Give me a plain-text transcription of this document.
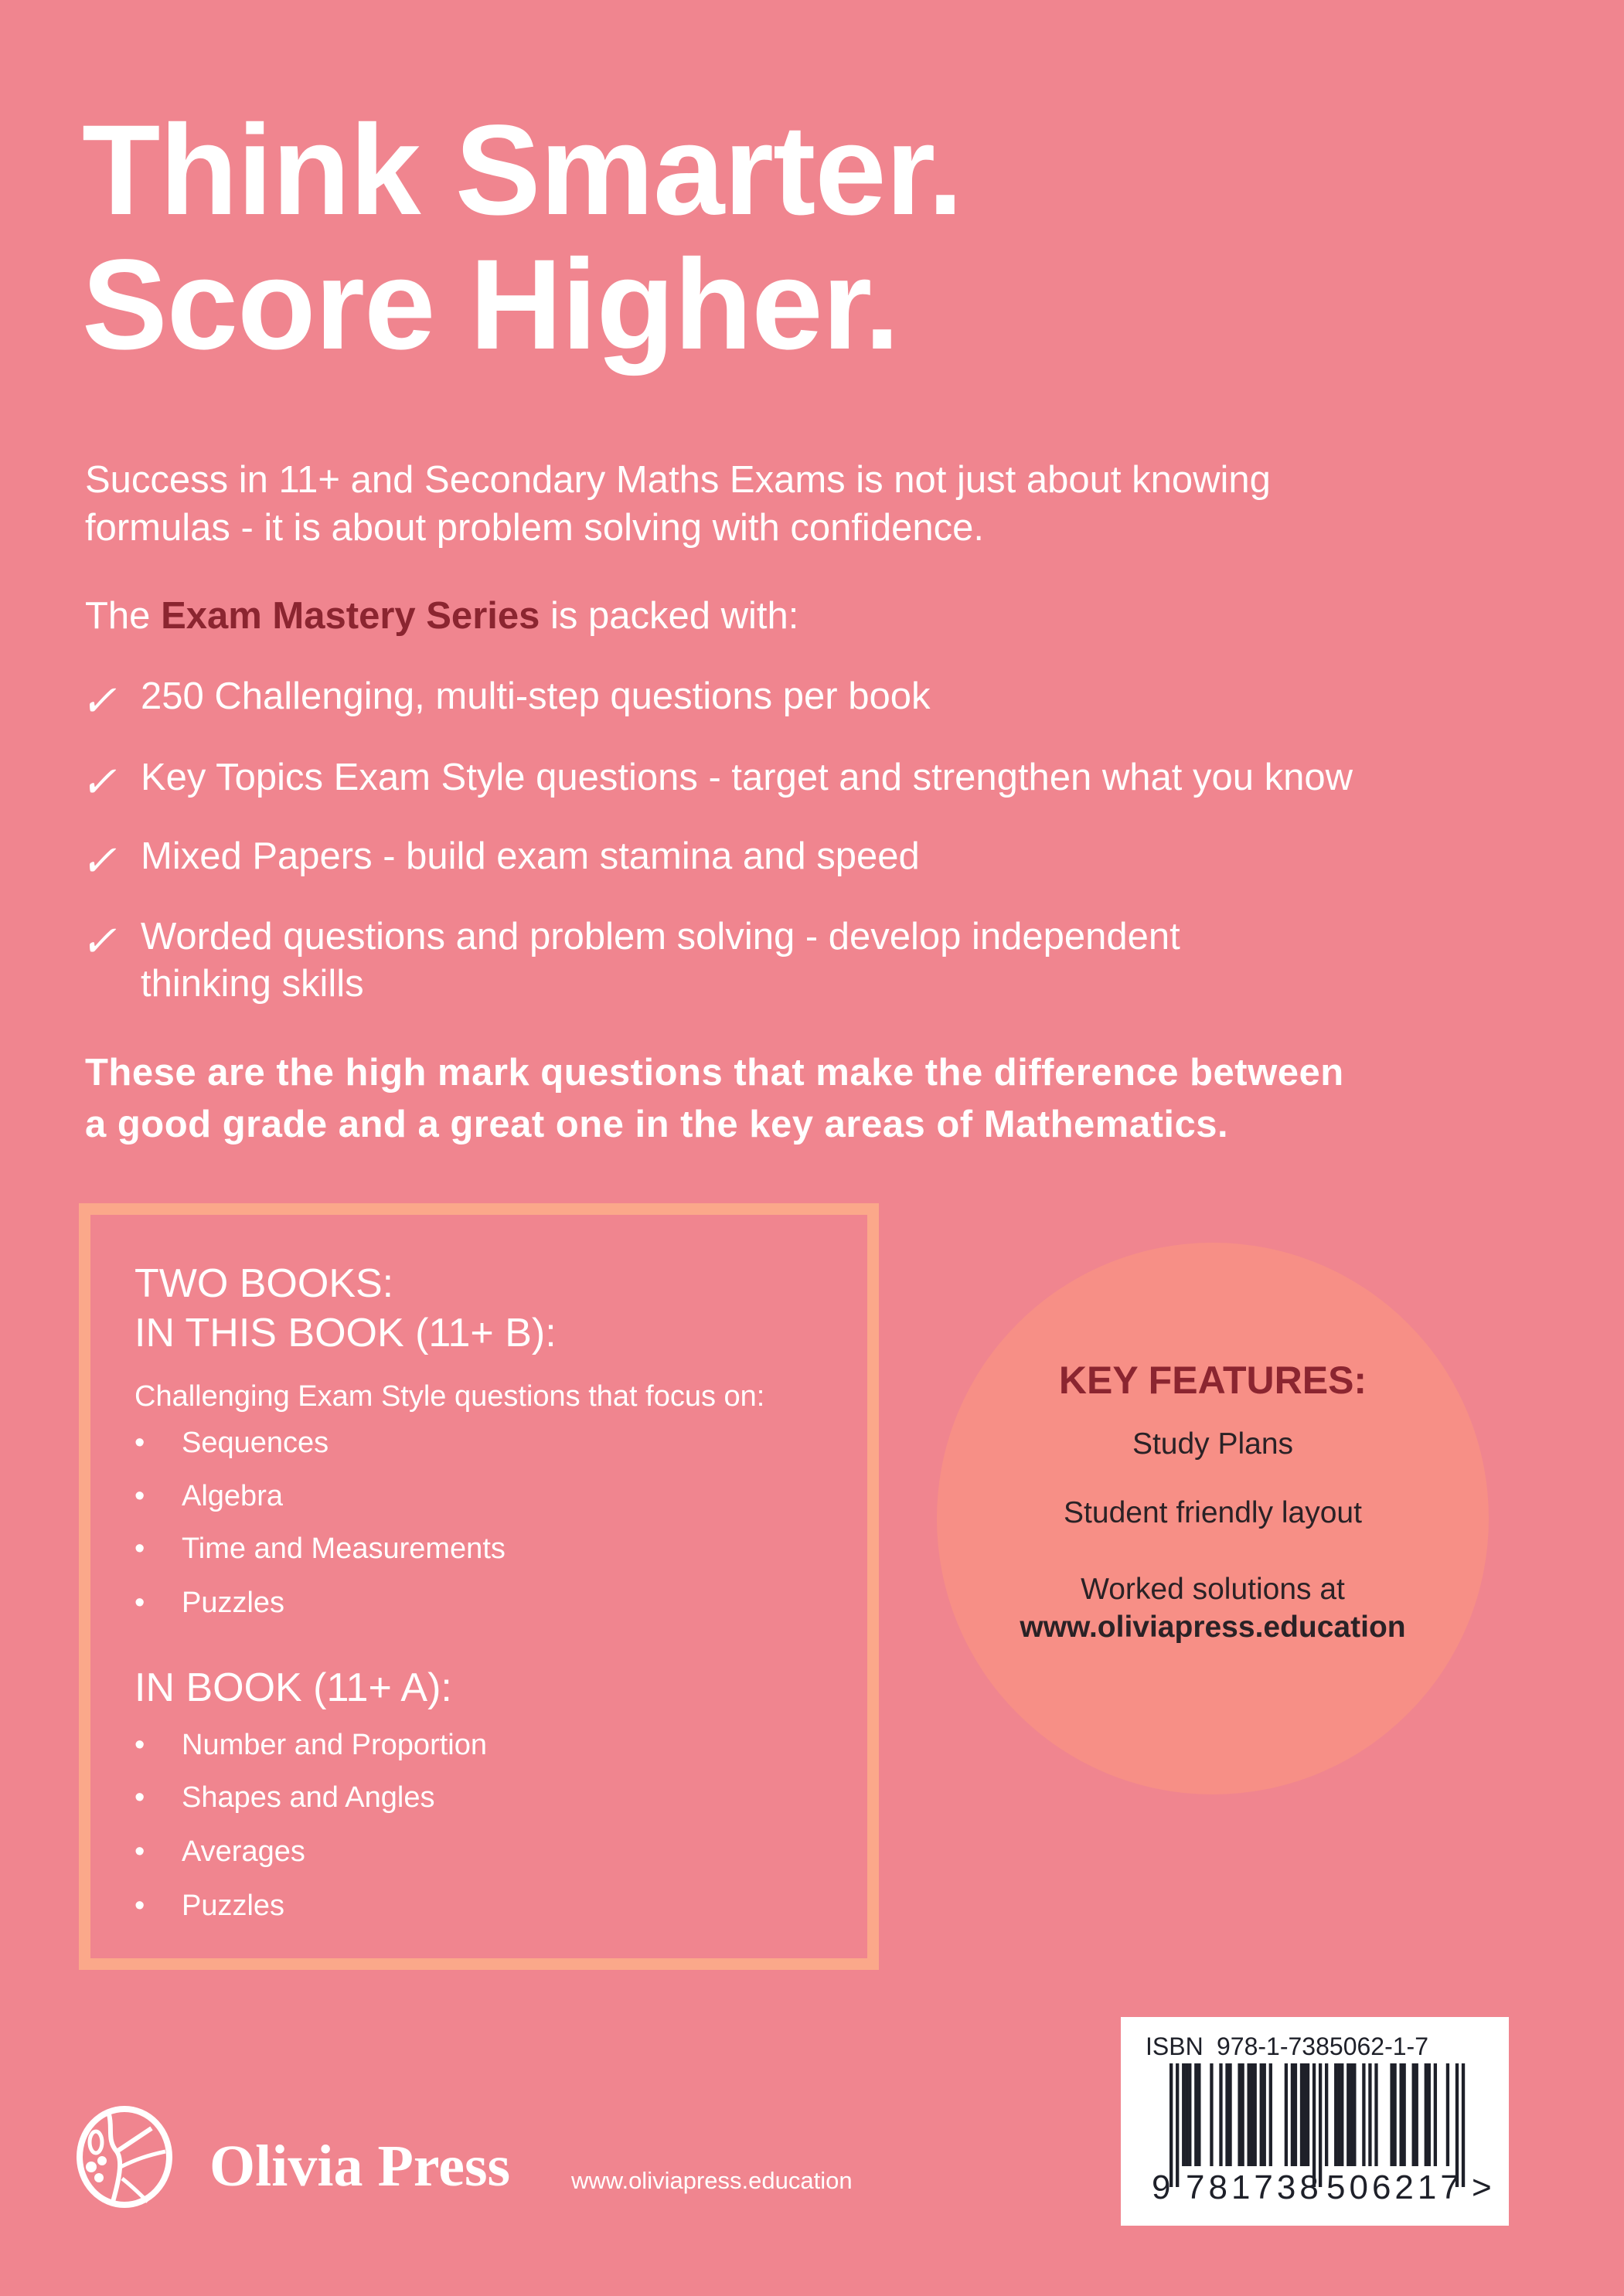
Think Smarter.
Score Higher.
Success in 11+ and Secondary Maths Exams is not just about knowing
formulas - it is about problem solving with confidence.
The Exam Mastery Series is packed with:
✓ 250 Challenging, multi-step questions per book
✓ Key Topics Exam Style questions - target and strengthen what you know
✓ Mixed Papers - build exam stamina and speed
✓ Worded questions and problem solving - develop independent
thinking skills
These are the high mark questions that make the difference between
a good grade and a great one in the key areas of Mathematics.
TWO BOOKS:
IN THIS BOOK (11+ B):
Challenging Exam Style questions that focus on:
• Sequences
• Algebra
• Time and Measurements
• Puzzles
IN BOOK (11+ A):
• Number and Proportion
• Shapes and Angles
• Averages
• Puzzles
KEY FEATURES:
Study Plans
Student friendly layout
Worked solutions at
www.oliviapress.education
ISBN 978-1-7385062-1-7
9 781738 506217 >
Olivia Press	www.oliviapress.education
